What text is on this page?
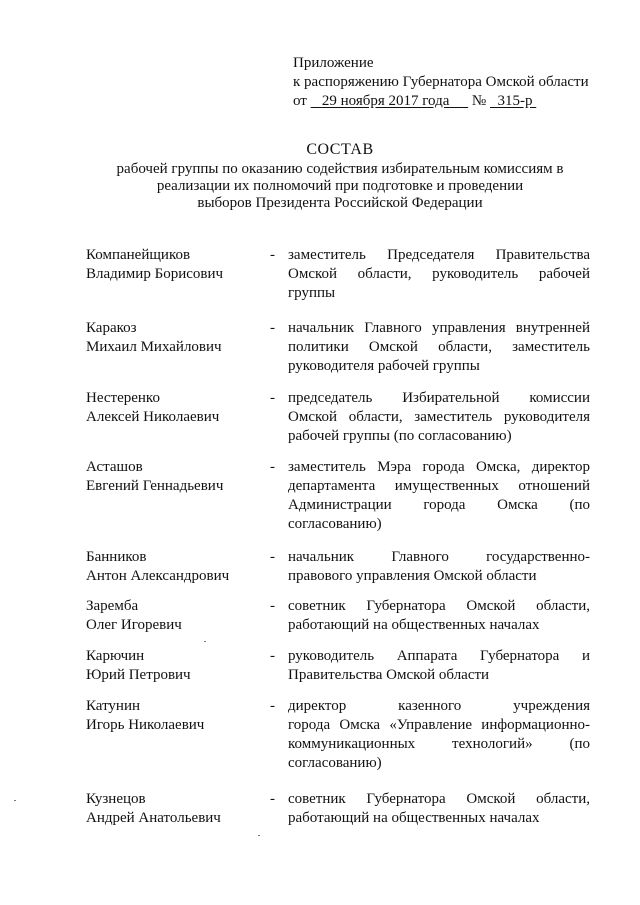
Приложение
к распоряжению Губернатора Омской области
от 29 ноября 2017 года № 315-р
СОСТАВ
рабочей группы по оказанию содействия избирательным комиссиям в
реализации их полномочий при подготовке и проведении
выборов Президента Российской Федерации
Компанейщиков
Владимир Борисович
- заместитель Председателя Правительства
Омской области, руководитель рабочей
группы
Каракоз
Михаил Михайлович
- начальник Главного управления внутренней
политики Омской области, заместитель
руководителя рабочей группы
Нестеренко
Алексей Николаевич
- председатель Избирательной комиссии
Омской области, заместитель руководителя
рабочей группы (по согласованию)
Асташов
Евгений Геннадьевич
- заместитель Мэра города Омска, директор
департамента имущественных отношений
Администрации города Омска (по
согласованию)
Банников
Антон Александрович
- начальник Главного государственно-
правового управления Омской области
Заремба
Олег Игоревич
- советник Губернатора Омской области,
работающий на общественных началах
Карючин
Юрий Петрович
- руководитель Аппарата Губернатора и
Правительства Омской области
Катунин
Игорь Николаевич
- директор казенного учреждения
города Омска «Управление информационно-
коммуникационных технологий» (по
согласованию)
Кузнецов
Андрей Анатольевич
- советник Губернатора Омской области,
работающий на общественных началах
